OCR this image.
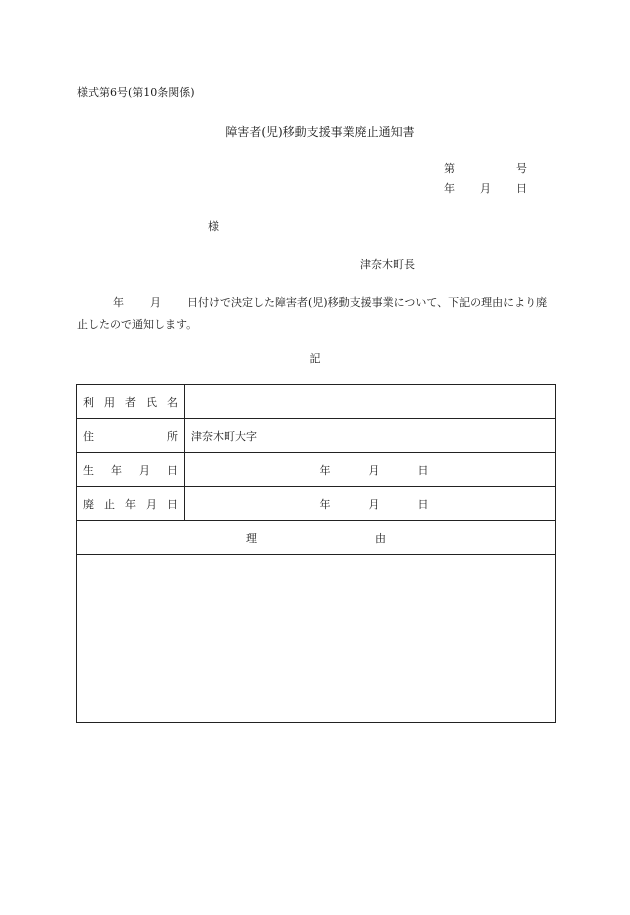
様式第6号(第10条関係)
障害者(児)移動支援事業廃止通知書
第	号
年 月 日
様
津奈木町長
年 月 日付けで決定した障害者(児)移動支援事業について、下記の理由により廃止したので通知します。
記
利 用 者 氏 名	

住 所	津奈木町大字

生 年 月 日	年 月 日

廃 止 年 月 日	年 月 日

理 由	
